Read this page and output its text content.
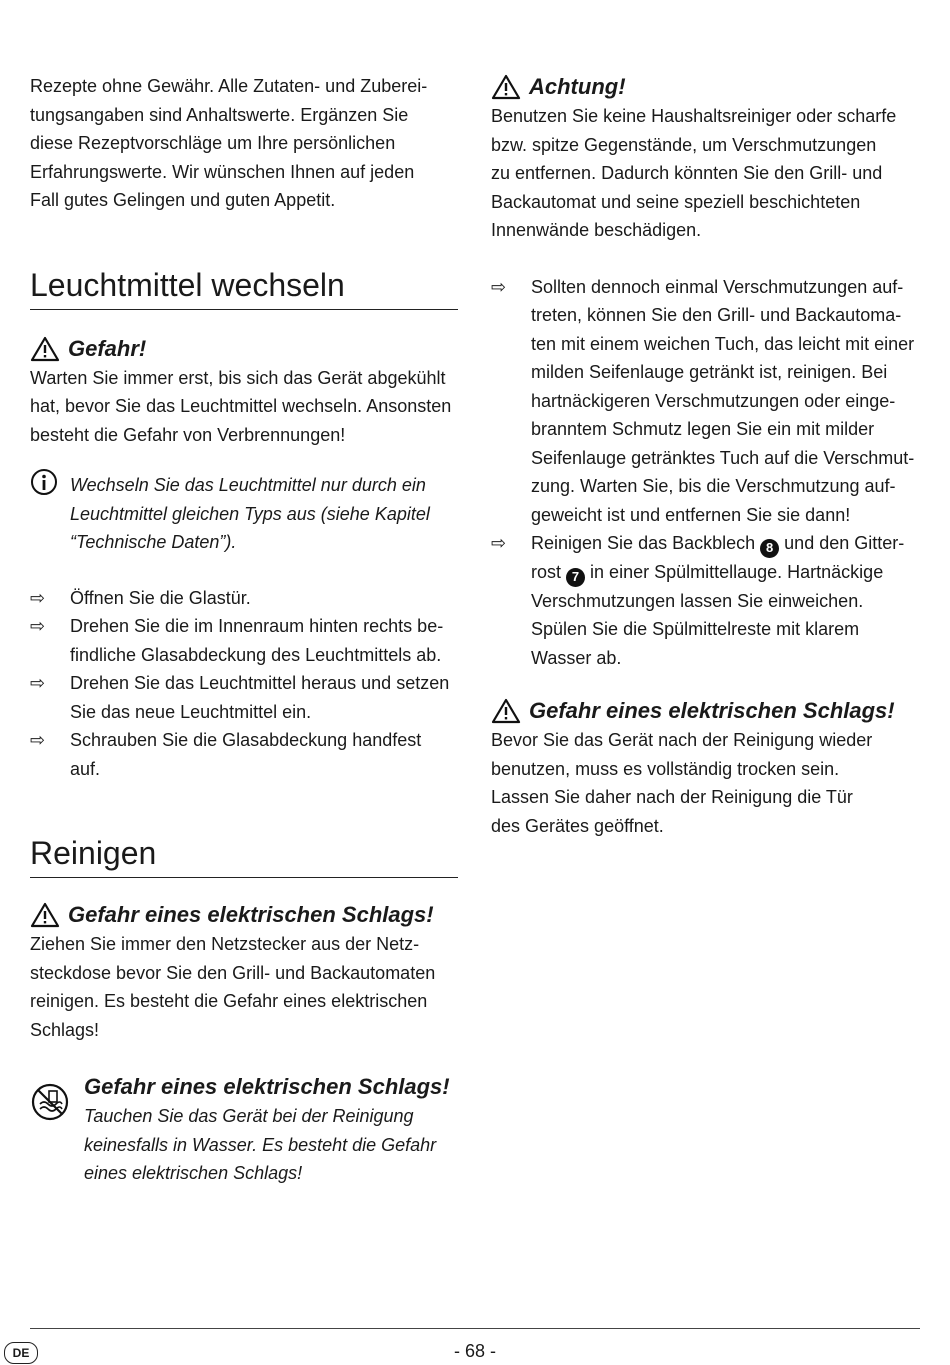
Rezepte ohne Gewähr. Alle Zutaten- und Zuberei-

tungsangaben sind Anhaltswerte. Ergänzen Sie

diese Rezeptvorschläge um Ihre persönlichen

Erfahrungswerte. Wir wünschen Ihnen auf jeden

Fall gutes Gelingen und guten Appetit.

Leuchtmittel wechseln
Gefahr!

Warten Sie immer erst, bis sich das Gerät abgekühlt

hat, bevor Sie das Leuchtmittel wechseln. Ansonsten

besteht die Gefahr von Verbrennungen!

Wechseln Sie das Leuchtmittel nur durch ein

Leuchtmittel gleichen Typs aus (siehe Kapitel

“Technische Daten”).

⇨	Öffnen Sie die Glastür.

⇨	Drehen Sie die im Innenraum hinten rechts be-

findliche Glasabdeckung des Leuchtmittels ab.

⇨	Drehen Sie das Leuchtmittel heraus und setzen

Sie das neue Leuchtmittel ein.

⇨	Schrauben Sie die Glasabdeckung handfest

auf.

Reinigen
Gefahr eines elektrischen Schlags!

Ziehen Sie immer den Netzstecker aus der Netz-

steckdose bevor Sie den Grill- und Backautomaten

reinigen. Es besteht die Gefahr eines elektrischen

Schlags!

Gefahr eines elektrischen Schlags!

Tauchen Sie das Gerät bei der Reinigung

keinesfalls in Wasser. Es besteht die Gefahr

eines elektrischen Schlags!

Achtung!

Benutzen Sie keine Haushaltsreiniger oder scharfe

bzw. spitze Gegenstände, um Verschmutzungen

zu entfernen. Dadurch könnten Sie den Grill- und

Backautomat und seine speziell beschichteten

Innenwände beschädigen.

⇨	Sollten dennoch einmal Verschmutzungen auf-

treten, können Sie den Grill- und Backautoma-

ten mit einem weichen Tuch, das leicht mit einer

milden Seifenlauge getränkt ist, reinigen. Bei

hartnäckigeren Verschmutzungen oder einge-

branntem Schmutz legen Sie ein mit milder

Seifenlauge getränktes Tuch auf die Verschmut-

zung. Warten Sie, bis die Verschmutzung auf-

geweicht ist und entfernen Sie sie dann!

⇨	Reinigen Sie das Backblech 8 und den Gitter-

rost 7 in einer Spülmittellauge. Hartnäckige

Verschmutzungen lassen Sie einweichen.

Spülen Sie die Spülmittelreste mit klarem

Wasser ab.

Gefahr eines elektrischen Schlags!

Bevor Sie das Gerät nach der Reinigung wieder

benutzen, muss es vollständig trocken sein.

Lassen Sie daher nach der Reinigung die Tür

des Gerätes geöffnet.

DE	- 68 -
